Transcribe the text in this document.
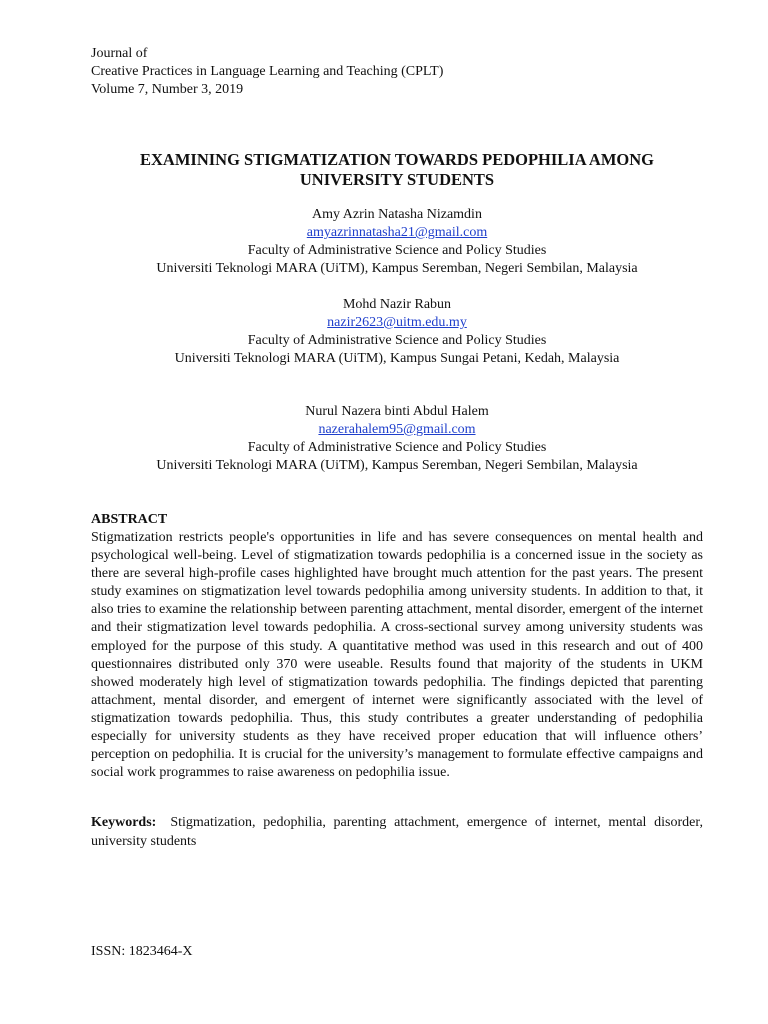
Journal of
Creative Practices in Language Learning and Teaching (CPLT)
Volume 7, Number 3, 2019
EXAMINING STIGMATIZATION TOWARDS PEDOPHILIA AMONG
UNIVERSITY STUDENTS
Amy Azrin Natasha Nizamdin
amyazrinnatasha21@gmail.com
Faculty of Administrative Science and Policy Studies
Universiti Teknologi MARA (UiTM), Kampus Seremban, Negeri Sembilan, Malaysia
Mohd Nazir Rabun
nazir2623@uitm.edu.my
Faculty of Administrative Science and Policy Studies
Universiti Teknologi MARA (UiTM), Kampus Sungai Petani, Kedah, Malaysia
Nurul Nazera binti Abdul Halem
nazerahalem95@gmail.com
Faculty of Administrative Science and Policy Studies
Universiti Teknologi MARA (UiTM), Kampus Seremban, Negeri Sembilan, Malaysia
ABSTRACT
Stigmatization restricts people's opportunities in life and has severe consequences on mental health and psychological well-being. Level of stigmatization towards pedophilia is a concerned issue in the society as there are several high-profile cases highlighted have brought much attention for the past years. The present study examines on stigmatization level towards pedophilia among university students. In addition to that, it also tries to examine the relationship between parenting attachment, mental disorder, emergent of the internet and their stigmatization level towards pedophilia. A cross-sectional survey among university students was employed for the purpose of this study. A quantitative method was used in this research and out of 400 questionnaires distributed only 370 were useable. Results found that majority of the students in UKM showed moderately high level of stigmatization towards pedophilia. The findings depicted that parenting attachment, mental disorder, and emergent of internet were significantly associated with the level of stigmatization towards pedophilia. Thus, this study contributes a greater understanding of pedophilia especially for university students as they have received proper education that will influence others’ perception on pedophilia. It is crucial for the university’s management to formulate effective campaigns and social work programmes to raise awareness on pedophilia issue.
Keywords: Stigmatization, pedophilia, parenting attachment, emergence of internet, mental disorder, university students
ISSN: 1823464-X
